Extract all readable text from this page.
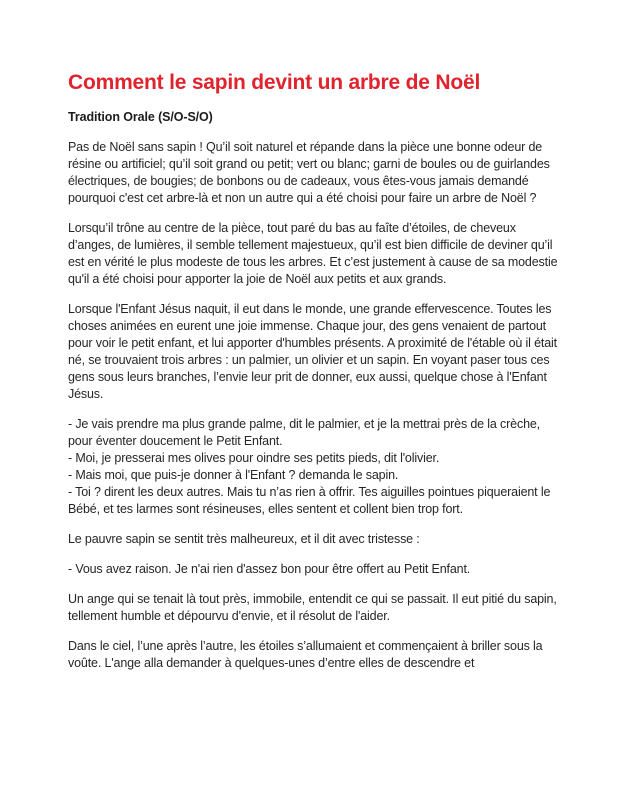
Comment le sapin devint un arbre de Noël
Tradition Orale (S/O-S/O)

Pas de Noël sans sapin ! Qu’il soit naturel et répande dans la pièce une bonne odeur de résine ou artificiel; qu’il soit grand ou petit; vert ou blanc; garni de boules ou de guirlandes électriques, de bougies; de bonbons ou de cadeaux, vous êtes-vous jamais demandé pourquoi c'est cet arbre-là et non un autre qui a été choisi pour faire un arbre de Noël ?

Lorsqu’il trône au centre de la pièce, tout paré du bas au faîte d’étoiles, de cheveux d’anges, de lumières, il semble tellement majestueux, qu’il est bien difficile de deviner qu’il est en vérité le plus modeste de tous les arbres. Et c’est justement à cause de sa modestie qu'il a été choisi pour apporter la joie de Noël aux petits et aux grands.

Lorsque l'Enfant Jésus naquit, il eut dans le monde, une grande effervescence. Toutes les choses animées en eurent une joie immense. Chaque jour, des gens venaient de partout pour voir le petit enfant, et lui apporter d'humbles présents. A proximité de l'étable où il était né, se trouvaient trois arbres : un palmier, un olivier et un sapin. En voyant paser tous ces gens sous leurs branches, l’envie leur prit de donner, eux aussi, quelque chose à l'Enfant Jésus.

- Je vais prendre ma plus grande palme, dit le palmier, et je la mettrai près de la crèche, pour éventer doucement le Petit Enfant.
- Moi, je presserai mes olives pour oindre ses petits pieds, dit l'olivier.
- Mais moi, que puis-je donner à l'Enfant ? demanda le sapin.
- Toi ? dirent les deux autres. Mais tu n’as rien à offrir. Tes aiguilles pointues piqueraient le Bébé, et tes larmes sont résineuses, elles sentent et collent bien trop fort.

Le pauvre sapin se sentit très malheureux, et il dit avec tristesse :

- Vous avez raison. Je n'ai rien d'assez bon pour être offert au Petit Enfant.

Un ange qui se tenait là tout près, immobile, entendit ce qui se passait. Il eut pitié du sapin, tellement humble et dépourvu d'envie, et il résolut de l'aider.

Dans le ciel, l’une après l’autre, les étoiles s’allumaient et commençaient à briller sous la voûte. L'ange alla demander à quelques-unes d’entre elles de descendre et
